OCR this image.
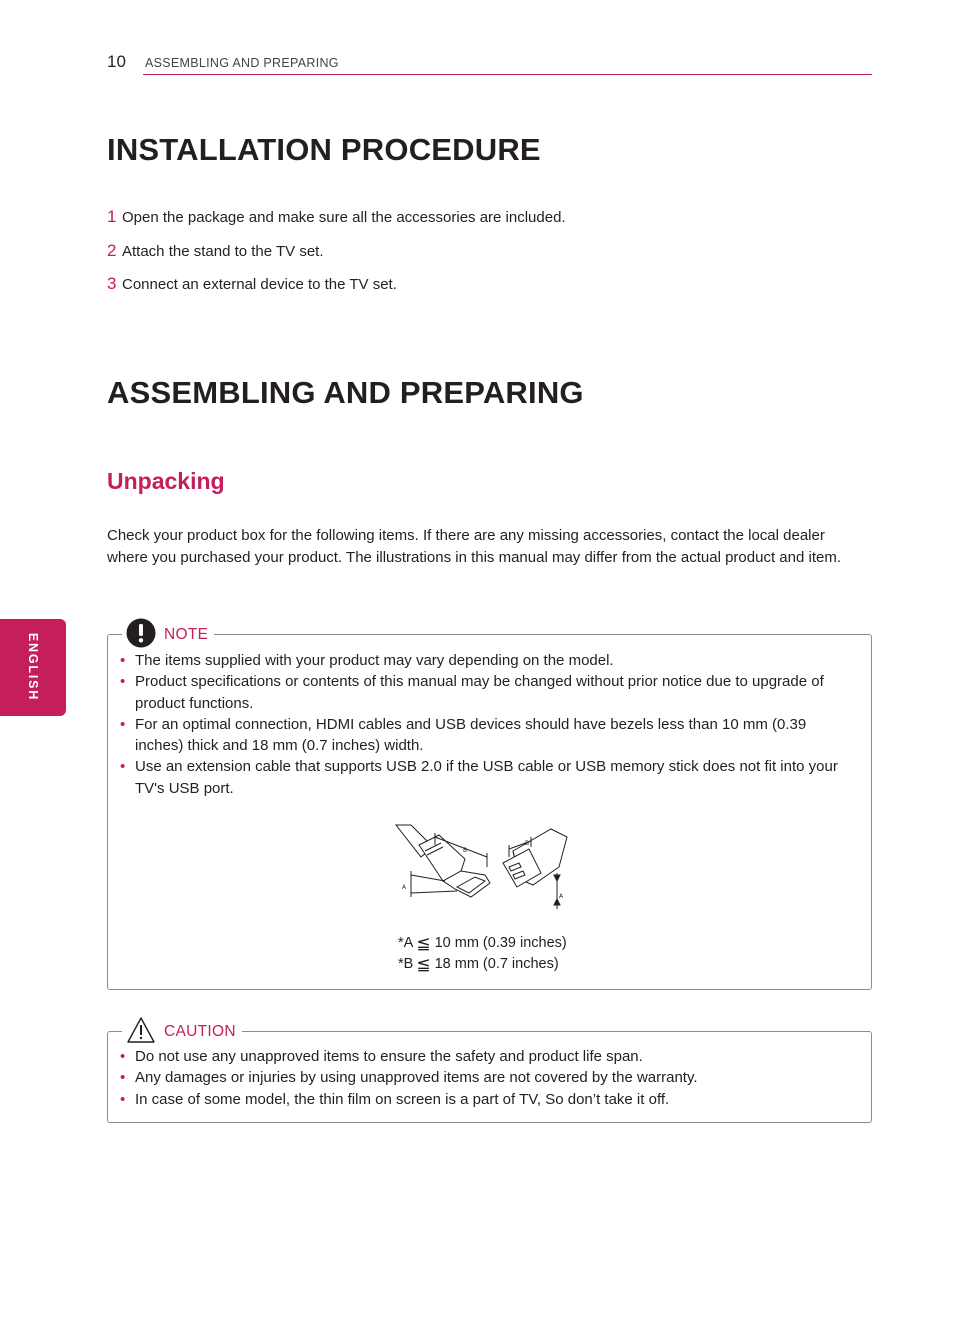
10 ASSEMBLING AND PREPARING
INSTALLATION PROCEDURE
1 Open the package and make sure all the accessories are included.
2 Attach the stand to the TV set.
3 Connect an external device to the TV set.
ASSEMBLING AND PREPARING
Unpacking

Check your product box for the following items. If there are any missing accessories, contact the local dealer where you purchased your product. The illustrations in this manual may differ from the actual product and item.

ENGLISH	NOTE
• The items supplied with your product may vary depending on the model.
• Product specifications or contents of this manual may be changed without prior notice due to upgrade of product functions.
• For an optimal connection, HDMI cables and USB devices should have bezels less than 10 mm (0.39 inches) thick and 18 mm (0.7 inches) width.
• Use an extension cable that supports USB 2.0 if the USB cable or USB memory stick does not fit into your TV's USB port.
B
A
B
A
*A ≦ 10 mm (0.39 inches)
*B ≦ 18 mm (0.7 inches)
CAUTION
• Do not use any unapproved items to ensure the safety and product life span.
• Any damages or injuries by using unapproved items are not covered by the warranty.
• In case of some model, the thin film on screen is a part of TV, So don’t take it off.
